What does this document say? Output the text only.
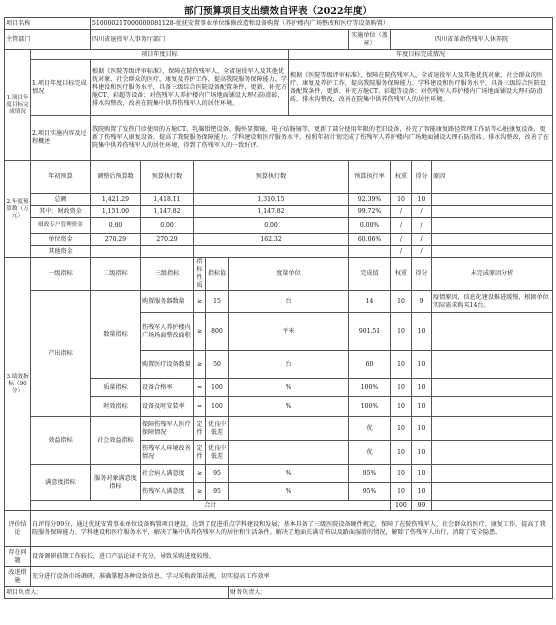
部门预算项目支出绩效自评表（2022年度）
项目名称		51000021T000000081128-优抚安置事业单位维修改造和设备购置（养护楼内广场整改和医疗等设备购置）									
主管部门		四川省退役军人事务厅部门						实施单位（盖章）	四川省革命伤残军人休养院		
1.项目年度目标完成情况	项目年度目标						年度目标完成情况				
	1.项目年度目标完成情况	根据《医院等级评审标准》，保障在院伤残军人、全省退役军人及其他优抚对象、社会群众的医疗、康复及养护工作，提高我院服务保障能力、学科建设和医疗服务水平，具备三级综合医院设备配置条件，更新、补充方舱CT、彩超等设备；对伤残军人养护楼内广场地面铺设大理石防滑砖、排水沟整改，改善在院集中供养伤残军人的居住环境。					根据《医院等级评审标准》，保障在院伤残军人、全省退役军人及其他优抚对象、社会群众的医疗、康复及养护工作，提高我院服务保障能力、学科建设和医疗服务水平，具备三级综合医院设备配置条件，更新、补充方舱CT、彩超等设备；对伤残军人养护楼内广场地面铺设大理石防滑砖、排水沟整改，改善在院集中供养伤残军人的居住环境。				

	2.项目实施内容及过程概述	我院购置了发热门诊使用的方舱CT、乳腺钼钯设备、胸外显微镜、电子结肠镜等，更新了部分使用年限的老旧设备，补充了智能康复路径管理工作站等心脏康复设备，更新了伤残军人康复设备，提高了我院服务保障能力、学科建设和医疗服务水平。按照年初计划完成了伤残军人养护楼内广场地面铺设大理石防滑砖、排水沟整改，改善了在院集中供养伤残军人的居住环境，得到了伤残军人的一致好评。									
2.年度预算数（万元）	年初预算	调整后预算数	预算执行数	预算执行数				预算执行率	权重	得分	原因
	总额	1,421.29	1,418.11	1,310.15				92.39%	10	10	
	其中：财政资金	1,151.00	1,147.82	1,147.82				99.72%	/	/	
	财政专户管理资金	0.00	0.00	0.00				0.00%	/	/	
	单位资金	270.29	270.29	162.32				60.06%	/	/	
	其他资金								/	/	
3.绩效指标（90分）	一级指标	二级指标	三级指标	指标性质	指标值	度量单位		完成值	权重	得分	未完成原因分析
	产出指标	数量指标	购置服务器数量	≥	15	台		14	10	9	疫情原因，信息化建设推进缓慢，根据单位实际需求购买14台。
			伤残军人养护楼内广场场面整改面积	≥	800	平米		901.51	10	10	
			购置医疗设备数量	≥	50	台		60	10	10	
		质量指标	设备合格率	=	100	%		100%	10	10	
		时效指标	设备及时安装率	=	100	%		100%	10	10	
	效益指标	社会效益指标	保障伤残军人医疗保障情况	定性	优良中低差			优	10	10	
			伤残军人环境改善情况	定性	优良中低差			优	10	10	
	满意度指标	服务对象满意度指标	社会病人满意度	≥	95	%		95%	10	10	
			伤残军人满意度	≥	95	%		95%	10	10	
	合计								100	99	
评价结论	自评得分99分，通过优抚安置事业单位设备购置项目建设，达到了促进重点学科建设和发展，基本具备了三级医院设备硬件规定，保障了在院伤残军人、社会群众的医疗、康复工作，提高了我院服务保障能力、学科建设和医疗服务水平，解决了集中供养伤残军人的居住和生活条件。解决了地面长满青苔以及路面湿滑的情况，解除了伤残军人出行，消除了安全隐患。										
存在问题	设备调研前期工作较长，进口产品论证不充分，导致采购进度较慢。										
改进措施	充分进行设备市场调研，准确掌握各种设备信息，学习采购政策法规，切实提高工作效率										
项目负责人：						财务负责人：					
